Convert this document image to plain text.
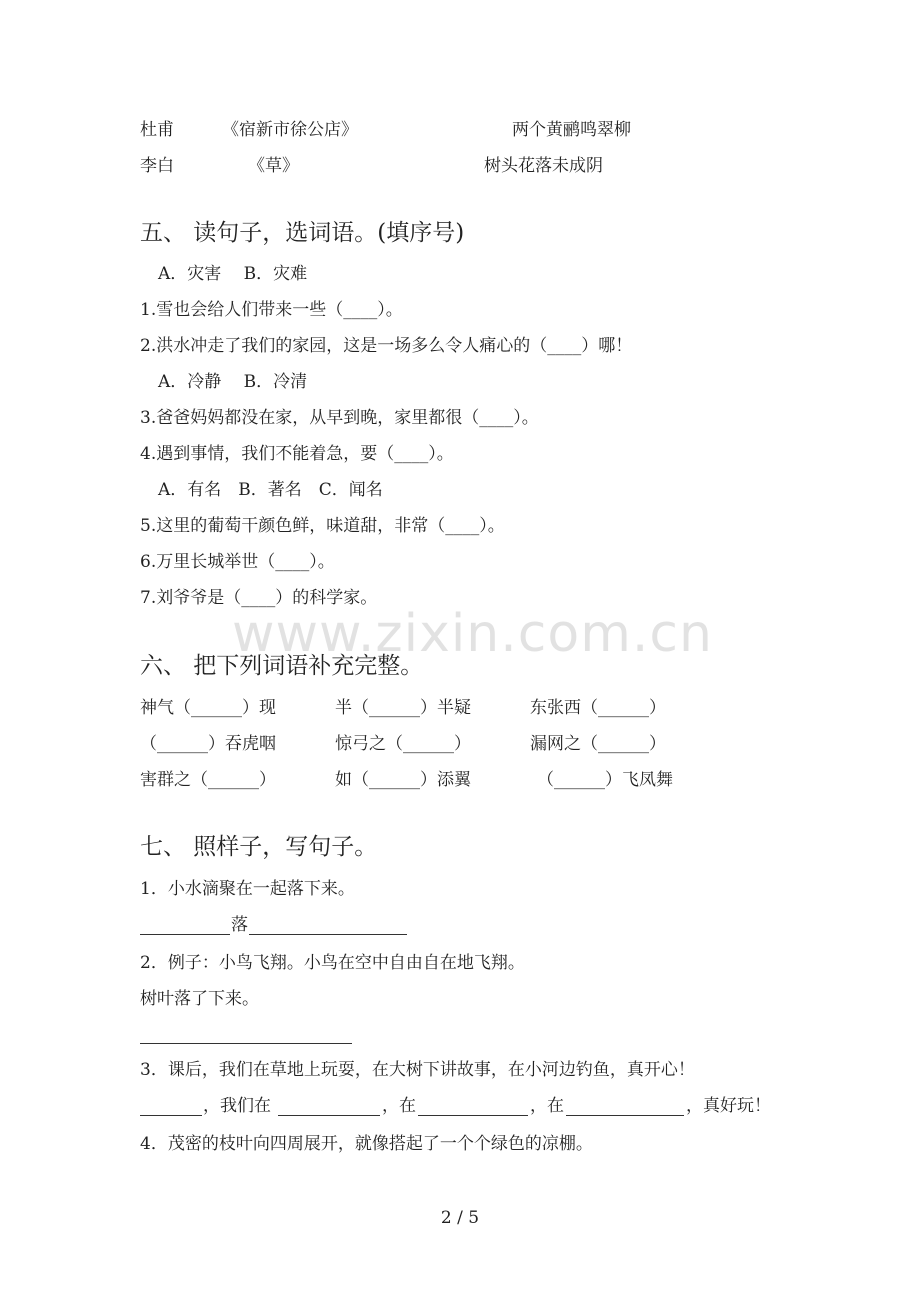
杜甫	《宿新市徐公店》	两个黄鹂鸣翠柳
李白	《草》	树头花落未成阴
五、 读句子，选词语。(填序号)
A．灾害　 B．灾难
1.雪也会给人们带来一些（____）。
2.洪水冲走了我们的家园，这是一场多么令人痛心的（____）哪！
A．冷静　 B．冷清
3.爸爸妈妈都没在家，从早到晚，家里都很（____）。
4.遇到事情，我们不能着急，要（____）。
A．有名　B．著名　C．闻名
5.这里的葡萄干颜色鲜，味道甜，非常（____）。
6.万里长城举世（____）。
7.刘爷爷是（____）的科学家。
www.zixin.com.cn
六、 把下列词语补充完整。
神气（______）现	半（______）半疑	东张西（______）
（______）吞虎咽	惊弓之（______）	漏网之（______）
害群之（______）	如（______）添翼	（______）飞凤舞
七、 照样子，写句子。
1．小水滴聚在一起落下来。
落
2．例子：小鸟飞翔。小鸟在空中自由自在地飞翔。
树叶落了下来。
3．课后，我们在草地上玩耍，在大树下讲故事，在小河边钓鱼，真开心！
，我们在	，在	，在	，真好玩！
4．茂密的枝叶向四周展开，就像搭起了一个个绿色的凉棚。
2 / 5
